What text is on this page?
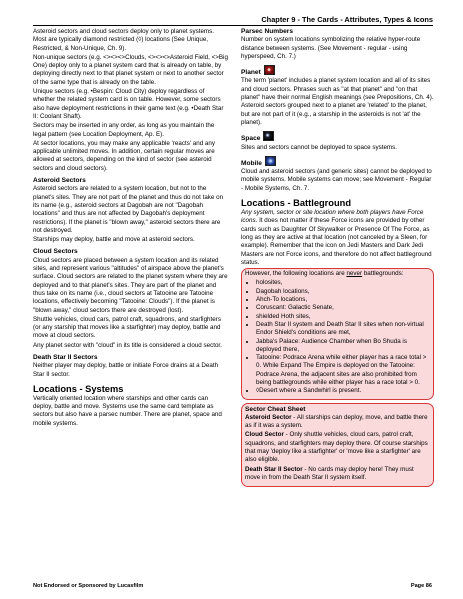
Chapter 9 - The Cards - Attributes, Types & Icons

Asteroid sectors and cloud sectors deploy only to planet systems. Most are typically diamond restricted (◊) locations (See Unique, Restricted, & Non-Unique, Ch. 9).

Non-unique sectors (e.g. <><><>Clouds, <><><>Asteroid Field, <>Big One) deploy only to a planet system card that is already on table, by deploying directly next to that planet system or next to another sector of the same type that is already on the table.

Unique sectors (e.g. •Bespin: Cloud City) deploy regardless of whether the related system card is on table. However, some sectors also have deployment restrictions in their game text (e.g. •Death Star II: Coolant Shaft).

Sectors may be inserted in any order, as long as you maintain the legal pattern (see Location Deployment, Ap. E).

At sector locations, you may make any applicable 'reacts' and any applicable unlimited moves. In addition, certain regular moves are allowed at sectors, depending on the kind of sector (see asteroid sectors and cloud sectors).

Asteroid Sectors

Asteroid sectors are related to a system location, but not to the planet's sites. They are not part of the planet and thus do not take on its name (e.g., asteroid sectors at Dagobah are not "Dagobah locations" and thus are not affected by Dagobah's deployment restrictions). If the planet is "blown away," asteroid sectors there are not destroyed.

Starships may deploy, battle and move at asteroid sectors.

Cloud Sectors

Cloud sectors are placed between a system location and its related sites, and represent various "altitudes" of airspace above the planet's surface. Cloud sectors are related to the planet system where they are deployed and to that planet's sites. They are part of the planet and thus take on its name (i.e., cloud sectors at Tatooine are Tatooine locations, effectively becoming "Tatooine: Clouds"). If the planet is "blown away," cloud sectors there are destroyed (lost).

Shuttle vehicles, cloud cars, patrol craft, squadrons, and starfighters (or any starship that moves like a starfighter) may deploy, battle and move at cloud sectors.

Any planet sector with "cloud" in its title is considered a cloud sector.

Death Star II Sectors

Neither player may deploy, battle or initiate Force drains at a Death Star II sector.

Locations - Systems

Vertically oriented location where starships and other cards can deploy, battle and move. Systems use the same card template as sectors but also have a parsec number. There are planet, space and mobile systems.

Parsec Numbers

Number on system locations symbolizing the relative hyper-route distance between systems. (See Movement - regular - using hyperspeed, Ch. 7.)

Planet

The term 'planet' includes a planet system location and all of its sites and cloud sectors. Phrases such as "at that planet" and "on that planet" have their normal English meanings (see Prepositions, Ch. 4). Asteroid sectors grouped next to a planet are 'related' to the planet, but are not part of it (e.g., a starship in the asteroids is not 'at' the planet).

Space

Sites and sectors cannot be deployed to space systems.

Mobile

Cloud and asteroid sectors (and generic sites) cannot be deployed to mobile systems. Mobile systems can move; see Movement - Regular - Mobile Systems, Ch. 7.

Locations - Battleground

Any system, sector or site location where both players have Force icons. It does not matter if these Force icons are provided by other cards such as Daughter Of Skywalker or Presence Of The Force, as long as they are active at that location (not canceled by a Sleen, for example). Remember that the icon on Jedi Masters and Dark Jedi Masters are not Force icons, and therefore do not affect battleground status.

However, the following locations are never battlegrounds:
• holosites,
• Dagobah locations,
• Ahch-To locations,
• Coruscant: Galactic Senate,
• shielded Hoth sites,
• Death Star II system and Death Star II sites when non-virtual Endor Shield's conditions are met,
• Jabba's Palace: Audience Chamber when Bo Shuda is deployed there,
• Tatooine: Podrace Arena while either player has a race total > 0. While Expand The Empire is deployed on the Tatooine: Podrace Arena, the adjacent sites are also prohibited from being battlegrounds while either player has a race total > 0.
• ◊Desert where a Sandwhirl is present.
Sector Cheat Sheet

Asteroid Sector - All starships can deploy, move, and battle there as if it was a system.

Cloud Sector - Only shuttle vehicles, cloud cars, patrol craft, squadrons, and starfighters may deploy there. Of course starships that may 'deploy like a starfighter' or 'move like a starfighter' are also eligible.

Death Star II Sector - No cards may deploy here! They must move in from the Death Star II system itself.

Not Endorsed or Sponsored by Lucasfilm	Page 86
